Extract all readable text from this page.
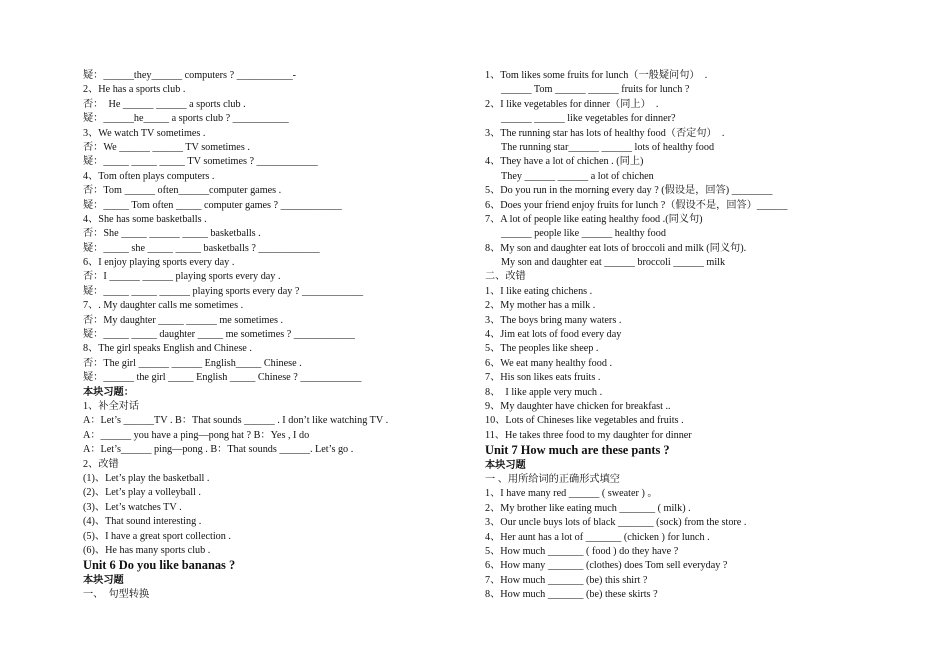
疑：______they______ computers ? ___________-
2、He has a sports club .
否：  He ______ ______ a sports club .
疑：______he_____ a sports club ? ___________
3、We watch TV sometimes .
否：We ______ ______ TV sometimes .
疑：_____ _____ _____ TV sometimes ? ____________
4、Tom often plays computers .
否：Tom ______ often______computer games .
疑：_____ Tom often _____ computer games ? ____________
4、She has some basketballs .
否：She _____ ______ _____ basketballs .
疑：_____ she _____ _____ basketballs ? ____________
6、I enjoy playing sports every day .
否：I ______ ______ playing sports every day .
疑：_____ _____ ______ playing sports every day ? ____________
7、. My daughter calls me sometimes .
否：My daughter _____ ______ me sometimes .
疑：_____ _____ daughter _____ me sometimes ? ____________
8、The girl speaks English and Chinese .
否：The girl ______ ______ English_____ Chinese .
疑：______ the girl _____ English _____ Chinese ? ____________
本块习题：
1、补全对话
A：Let’s ______TV . B：That sounds ______ . I don’t like watching TV .
A：______ you have a ping—pong hat ? B：Yes , I do
A：Let’s______ ping—pong . B：That sounds ______. Let’s go .
2、改错
(1)、Let’s play the basketball .
(2)、Let’s play a volleyball .
(3)、Let’s watches TV .
(4)、That sound interesting .
(5)、I have a great sport collection .
(6)、He has many sports club .
Unit 6 Do you like bananas ?
本块习题
一、  句型转换
1、Tom likes some fruits for lunch（一般疑问句）  .
______ Tom ______ ______ fruits for lunch ?
2、I like vegetables for dinner（同上）  .
______ ______ like vegetables for dinner?
3、The running star has lots of healthy food（否定句）  .
The running star______ ______ lots of healthy food
4、They have a lot of chichen . (同上)
They ______ ______ a lot of chichen
5、Do you run in the morning every day ? (假设是，回答) ________
6、Does your friend enjoy fruits for lunch ?（假设不是，回答）______
7、A lot of people like eating healthy food .(同义句)
______ people like ______ healthy food
8、My son and daughter eat lots of broccoli and milk (同义句).
My son and daughter eat ______ broccoli ______ milk
二、改错
1、I like eating chichens .
2、My mother has a milk .
3、The boys bring many waters .
4、Jim eat lots of food every day
5、The peoples like sheep .
6、We eat many healthy food .
7、His son likes eats fruits .
8、  I like apple very much .
9、My daughter have chicken for breakfast ..
10、Lots of Chineses like vegetables and fruits .
11、He takes three food to my daughter for dinner
Unit 7 How much are these pants ?
本块习题
一 、用所给词的正确形式填空
1、I have many red ______ ( sweater ) 。
2、My brother like eating much _______ ( milk) .
3、Our uncle buys lots of black _______ (sock) from the store .
4、Her aunt has a lot of _______ (chicken ) for lunch .
5、How much _______ ( food ) do they have ?
6、How many _______ (clothes) does Tom sell everyday ?
7、How much _______ (be) this shirt ?
8、How much _______ (be) these skirts ?
